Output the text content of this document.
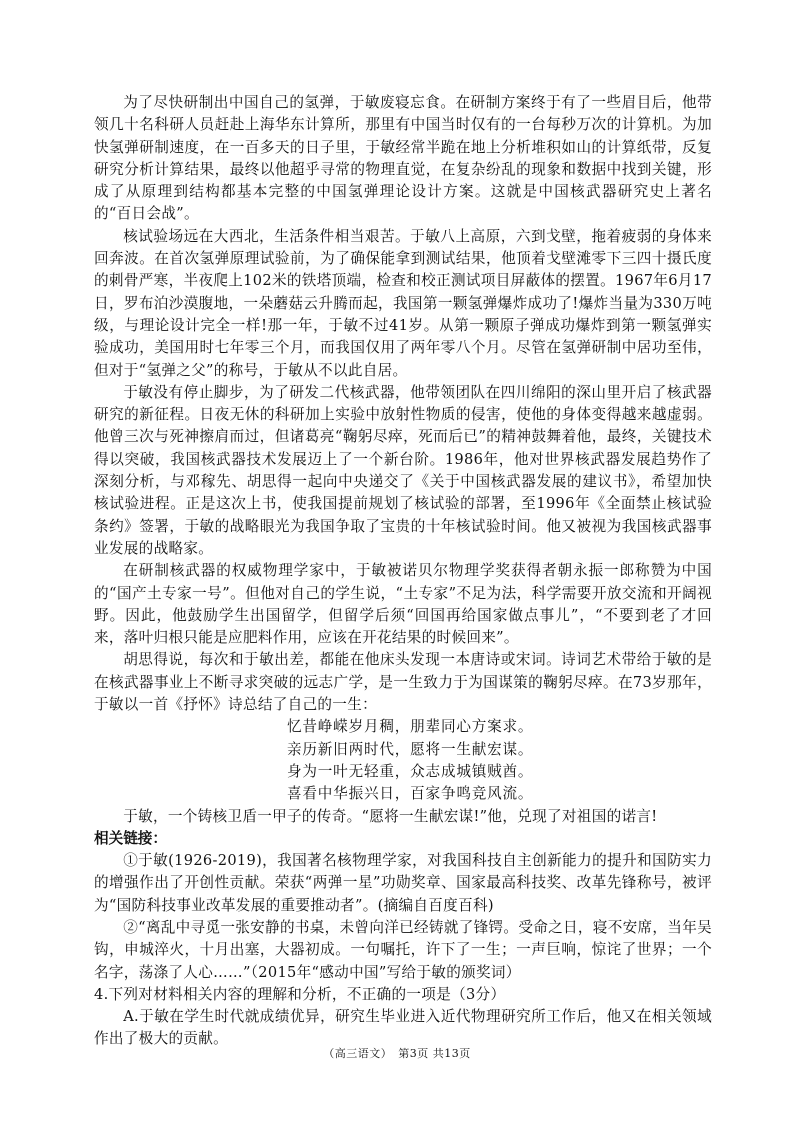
为了尽快研制出中国自己的氢弹，于敏废寝忘食。在研制方案终于有了一些眉目后，他带领几十名科研人员赶赴上海华东计算所，那里有中国当时仅有的一台每秒万次的计算机。为加快氢弹研制速度，在一百多天的日子里，于敏经常半跪在地上分析堆积如山的计算纸带，反复研究分析计算结果，最终以他超乎寻常的物理直觉，在复杂纷乱的现象和数据中找到关键，形成了从原理到结构都基本完整的中国氢弹理论设计方案。这就是中国核武器研究史上著名的“百日会战”。

核试验场远在大西北，生活条件相当艰苦。于敏八上高原，六到戈壁，拖着疲弱的身体来回奔波。在首次氢弹原理试验前，为了确保能拿到测试结果，他顶着戈壁滩零下三四十摄氏度的刺骨严寒，半夜爬上102米的铁塔顶端，检查和校正测试项目屏蔽体的摆置。1967年6月17日，罗布泊沙漠腹地，一朵蘑菇云升腾而起，我国第一颗氢弹爆炸成功了!爆炸当量为330万吨级，与理论设计完全一样!那一年，于敏不过41岁。从第一颗原子弹成功爆炸到第一颗氢弹实验成功，美国用时七年零三个月，而我国仅用了两年零八个月。尽管在氢弹研制中居功至伟，但对于“氢弹之父”的称号，于敏从不以此自居。

于敏没有停止脚步，为了研发二代核武器，他带领团队在四川绵阳的深山里开启了核武器研究的新征程。日夜无休的科研加上实验中放射性物质的侵害，使他的身体变得越来越虚弱。他曾三次与死神擦肩而过，但诸葛亮“鞠躬尽瘁，死而后已”的精神鼓舞着他，最终，关键技术得以突破，我国核武器技术发展迈上了一个新台阶。1986年，他对世界核武器发展趋势作了深刻分析，与邓稼先、胡思得一起向中央递交了《关于中国核武器发展的建议书》，希望加快核试验进程。正是这次上书，使我国提前规划了核试验的部署，至1996年《全面禁止核试验条约》签署，于敏的战略眼光为我国争取了宝贵的十年核试验时间。他又被视为我国核武器事业发展的战略家。

在研制核武器的权威物理学家中，于敏被诺贝尔物理学奖获得者朝永振一郎称赞为中国的“国产土专家一号”。但他对自己的学生说，“土专家”不足为法，科学需要开放交流和开阔视野。因此，他鼓励学生出国留学，但留学后须“回国再给国家做点事儿”，“不要到老了才回来，落叶归根只能是应肥料作用，应该在开花结果的时候回来”。

胡思得说，每次和于敏出差，都能在他床头发现一本唐诗或宋词。诗词艺术带给于敏的是在核武器事业上不断寻求突破的远志广学，是一生致力于为国谋策的鞠躬尽瘁。在73岁那年，于敏以一首《抒怀》诗总结了自己的一生：

忆昔峥嵘岁月稠，朋辈同心方案求。
亲历新旧两时代，愿将一生献宏谋。
身为一叶无轻重，众志成城镇贼酋。
喜看中华振兴日，百家争鸣竞风流。

于敏，一个铸核卫盾一甲子的传奇。“愿将一生献宏谋!”他，兑现了对祖国的诺言!

相关链接：

①于敏(1926-2019)，我国著名核物理学家，对我国科技自主创新能力的提升和国防实力的增强作出了开创性贡献。荣获“两弹一星”功勋奖章、国家最高科技奖、改革先锋称号，被评为“国防科技事业改革发展的重要推动者”。(摘编自百度百科)

②“离乱中寻觅一张安静的书桌，未曾向洋已经铸就了锋锷。受命之日，寝不安席，当年吴钩，申城淬火，十月出塞，大器初成。一句嘱托，许下了一生；一声巨响，惊诧了世界；一个名字，荡涤了人心……”（2015年“感动中国”写给于敏的颁奖词）

4.下列对材料相关内容的理解和分析，不正确的一项是（3分）

A.于敏在学生时代就成绩优异，研究生毕业进入近代物理研究所工作后，他又在相关领域作出了极大的贡献。

（高三语文）　第3页 共13页
